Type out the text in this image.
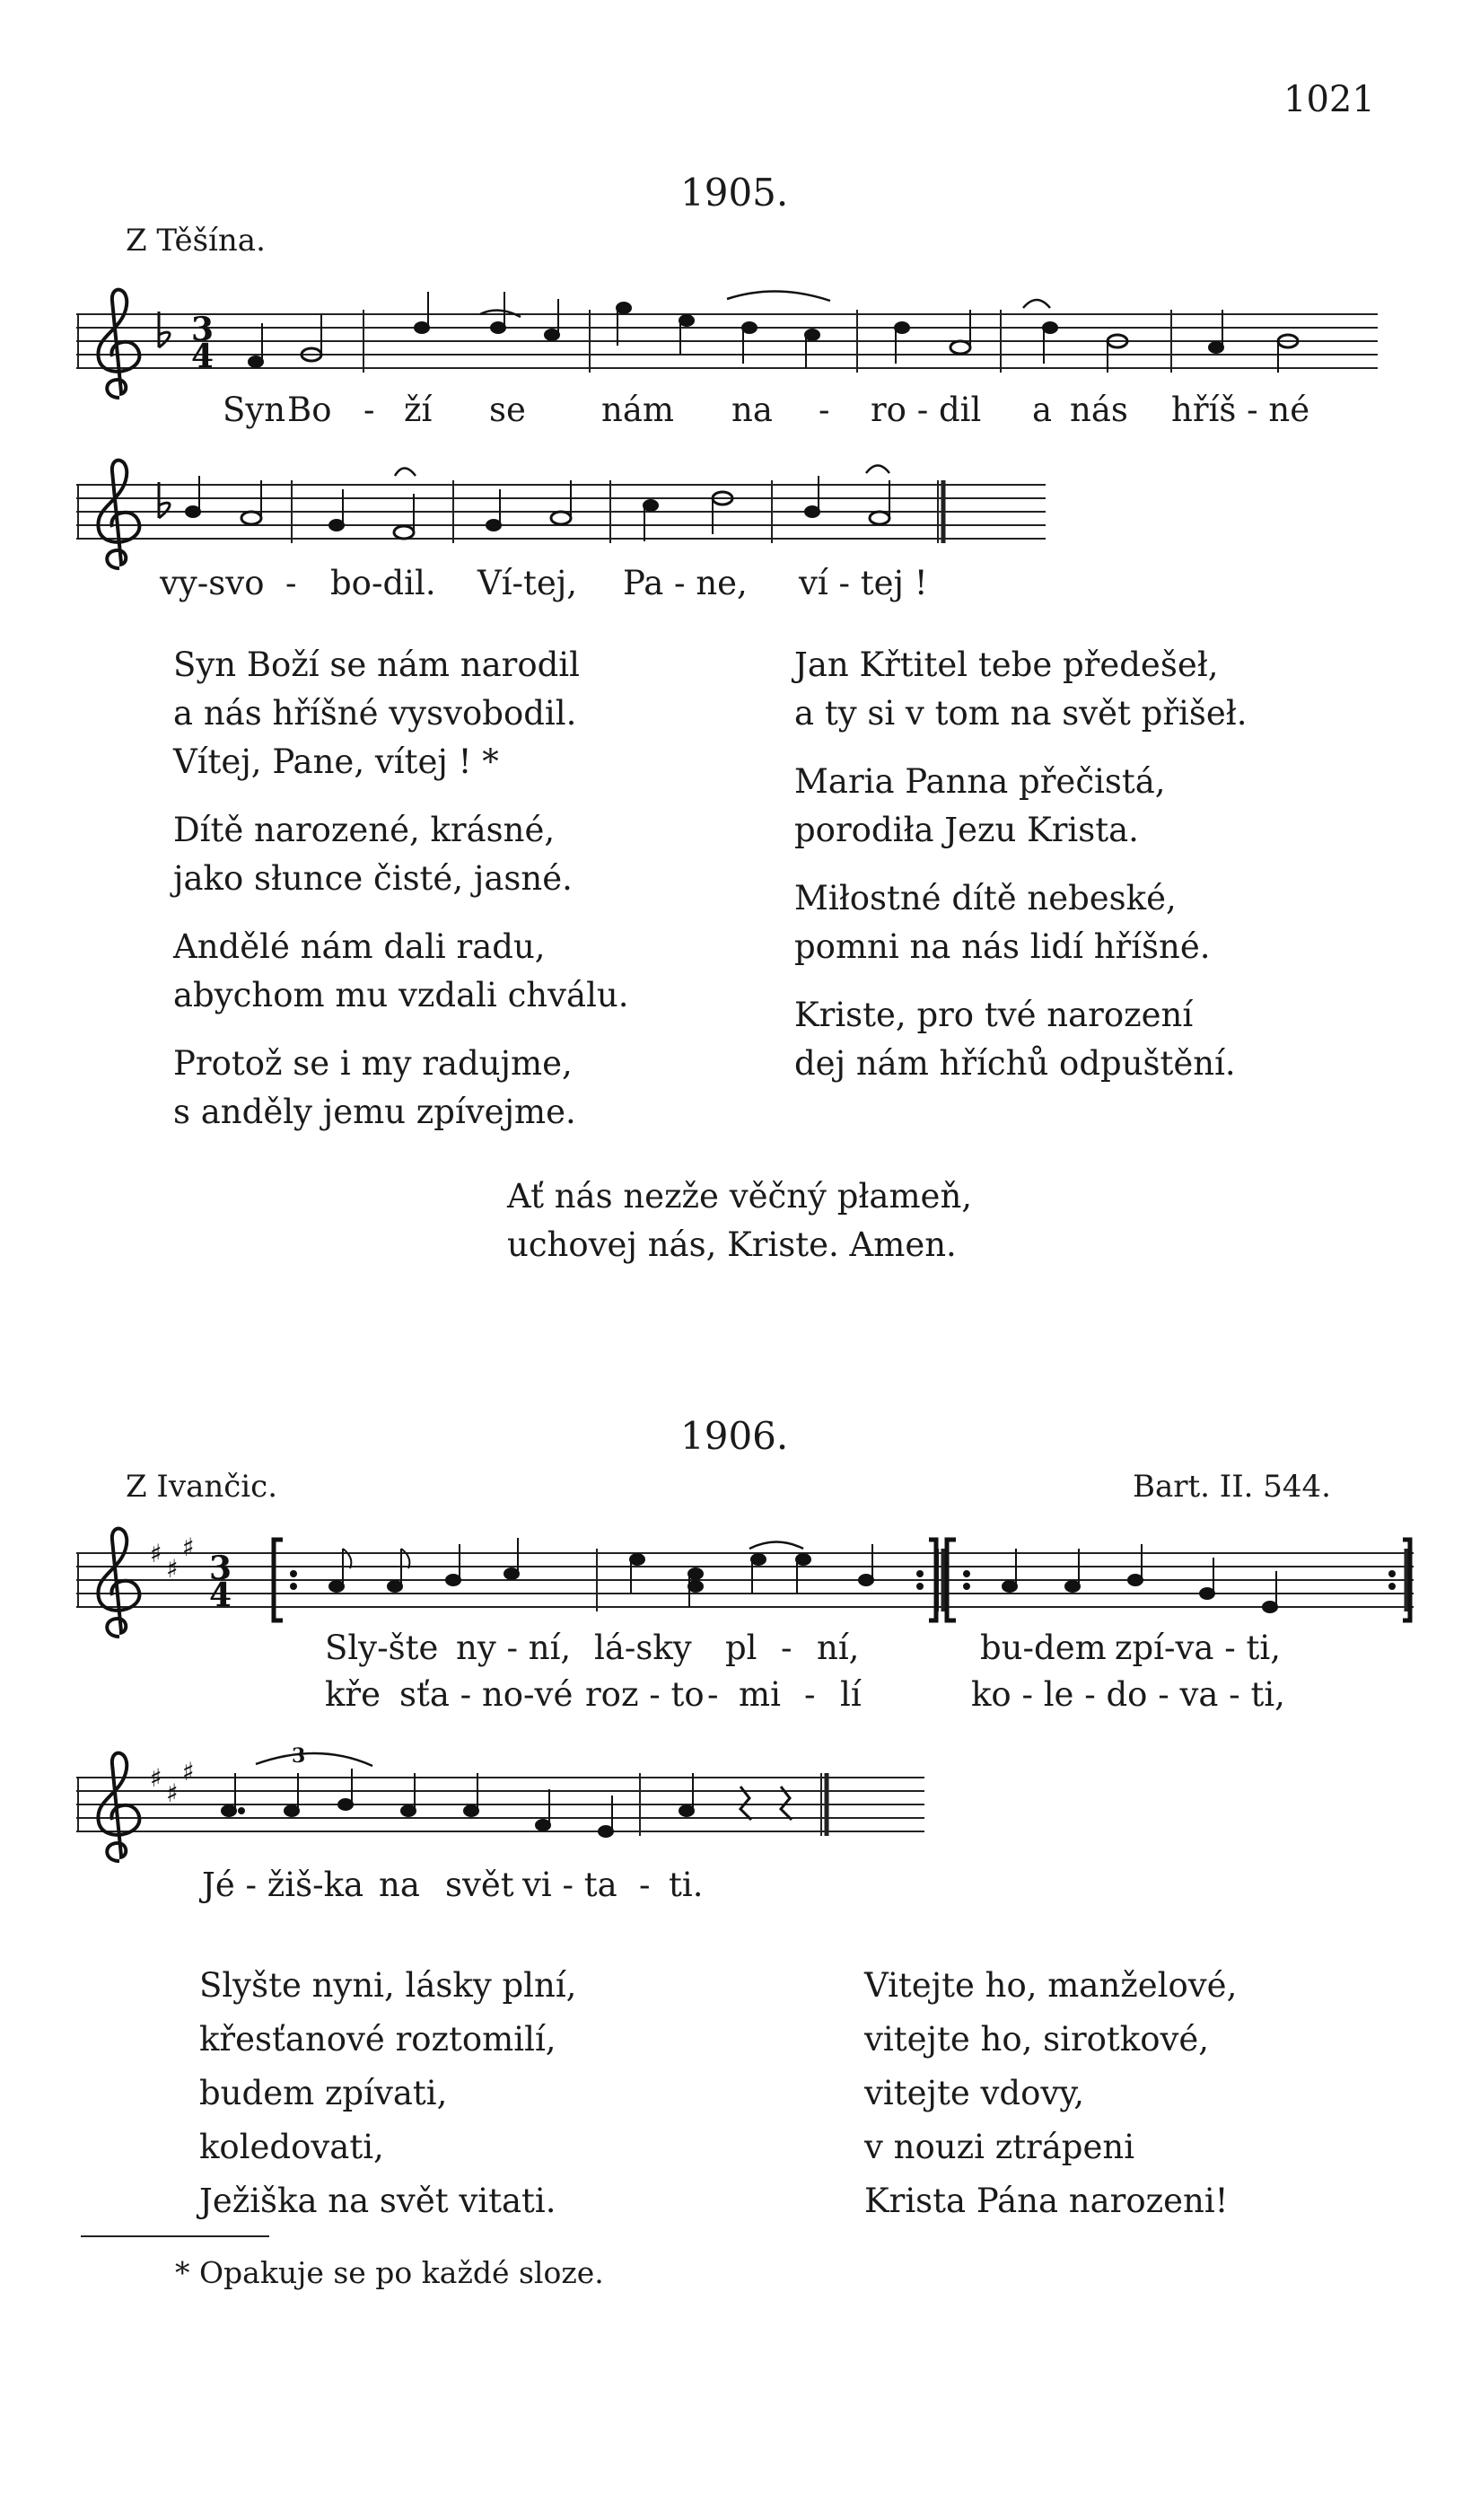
1021
1905.
Z Těšína.
3
4
Syn Bo - ží se nám na - ro - dil a nás hříš - né
vy-svo - bo-dil. Ví-tej, Pa - ne, ví - tej !
Syn Boží se nám narodil
a nás hříšné vysvobodil.
Vítej, Pane, vítej ! *
Dítě narozené, krásné,
jako słunce čisté, jasné.
Andělé nám dali radu,
abychom mu vzdali chválu.
Protož se i my radujme,
s anděly jemu zpívejme.
Jan Křtitel tebe předešeł,
a ty si v tom na svět přišeł.
Maria Panna přečistá,
porodiła Jezu Krista.
Miłostné dítě nebeské,
pomni na nás lidí hříšné.
Kriste, pro tvé narození
dej nám hříchů odpuštění.
Ať nás nezže věčný płameň,
uchovej nás, Kriste. Amen.
1906.
Z Ivančic.	Bart. II. 544.
♯
♯
♯
3
4
Sly-šte ny - ní, lá-sky pl - ní,	bu-dem zpí-va - ti,
kře sťa - no-vé roz - to - mi - lí	ko - le - do - va - ti,
♯
♯
♯
3
Jé - žiš-ka na svět vi - ta - ti.
Slyšte nyni, lásky plní,
křesťanové roztomilí,
budem zpívati,
koledovati,
Ježiška na svět vitati.
Vitejte ho, manželové,
vitejte ho, sirotkové,
vitejte vdovy,
v nouzi ztrápeni
Krista Pána narozeni!
* Opakuje se po každé sloze.
